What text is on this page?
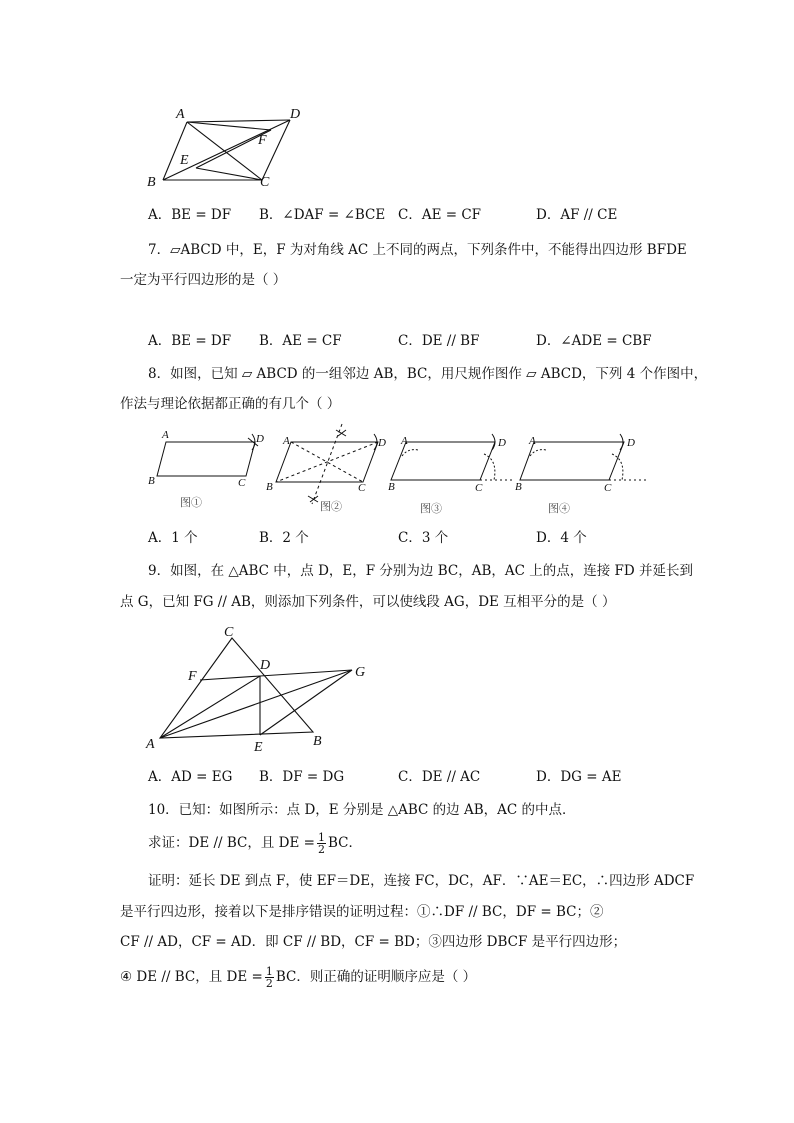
A	D
F
E
B	C
A．BE = DF B．∠DAF = ∠BCE C．AE = CF	D．AF // CE
7．▱ABCD 中，E，F 为对角线 AC 上不同的两点，下列条件中，不能得出四边形 BFDE
一定为平行四边形的是（ ）
A．BE = DF B．AE = CF	C．DE // BF	D．∠ADE = CBF
8．如图，已知 ▱ ABCD 的一组邻边 AB，BC，用尺规作图作 ▱ ABCD，下列 4 个作图中，
作法与理论依据都正确的有几个（ ）
A	D
B	C
A	D
B	C
A	D
B	C
A	D
B	C
图①	图②	图③	图④
A．1 个	B．2 个	C．3 个	D．4 个
9．如图，在 △ABC 中，点 D，E，F 分别为边 BC，AB，AC 上的点，连接 FD 并延长到
点 G，已知 FG // AB，则添加下列条件，可以使线段 AG，DE 互相平分的是（ ）
C
F
D	G
A	E	B
A．AD = EG B．DF = DG	C．DE // AC	D．DG = AE
10．已知：如图所示：点 D，E 分别是 △ABC 的边 AB，AC 的中点．
求证：DE // BC，且 DE = $\frac{1}{2}$ BC．
证明：延长 DE 到点 F，使 EF＝DE，连接 FC，DC，AF．∵AE＝EC，∴四边形 ADCF
是平行四边形，接着以下是排序错误的证明过程：①∴DF // BC，DF = BC；②
CF // AD，CF = AD．即 CF // BD，CF = BD；③四边形 DBCF 是平行四边形；
④ DE // BC，且 DE = $\frac{1}{2}$ BC．则正确的证明顺序应是（ ）
